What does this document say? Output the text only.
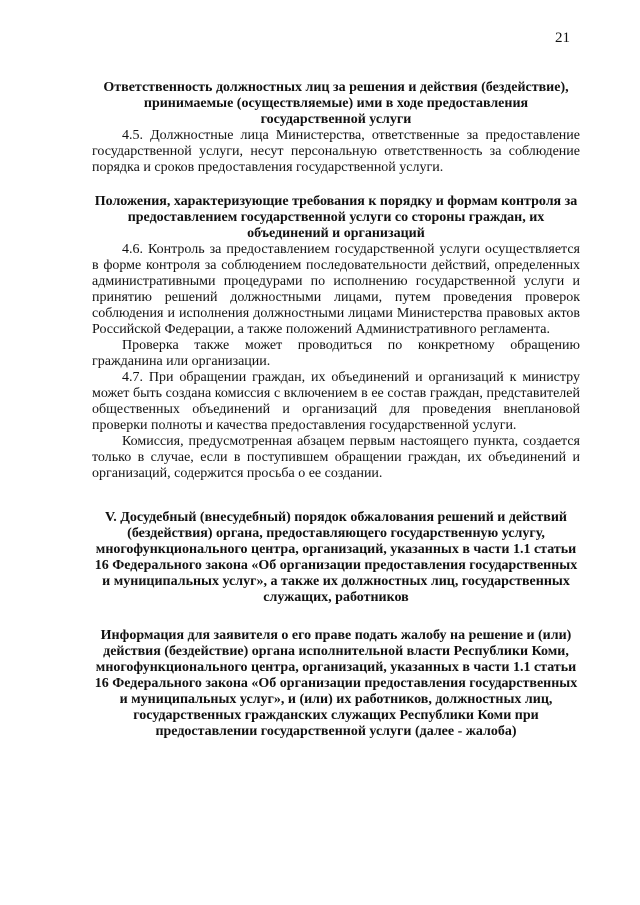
21

Ответственность должностных лиц за решения и действия (бездействие), принимаемые (осуществляемые) ими в ходе предоставления государственной услуги

4.5. Должностные лица Министерства, ответственные за предоставление государственной услуги, несут персональную ответственность за соблюдение порядка и сроков предоставления государственной услуги.

Положения, характеризующие требования к порядку и формам контроля за предоставлением государственной услуги со стороны граждан, их объединений и организаций

4.6. Контроль за предоставлением государственной услуги осуществляется в форме контроля за соблюдением последовательности действий, определенных административными процедурами по исполнению государственной услуги и принятию решений должностными лицами, путем проведения проверок соблюдения и исполнения должностными лицами Министерства правовых актов Российской Федерации, а также положений Административного регламента.

Проверка также может проводиться по конкретному обращению гражданина или организации.

4.7. При обращении граждан, их объединений и организаций к министру может быть создана комиссия с включением в ее состав граждан, представителей общественных объединений и организаций для проведения внеплановой проверки полноты и качества предоставления государственной услуги.

Комиссия, предусмотренная абзацем первым настоящего пункта, создается только в случае, если в поступившем обращении граждан, их объединений и организаций, содержится просьба о ее создании.

V. Досудебный (внесудебный) порядок обжалования решений и действий (бездействия) органа, предоставляющего государственную услугу, многофункционального центра, организаций, указанных в части 1.1 статьи 16 Федерального закона «Об организации предоставления государственных и муниципальных услуг», а также их должностных лиц, государственных служащих, работников

Информация для заявителя о его праве подать жалобу на решение и (или) действия (бездействие) органа исполнительной власти Республики Коми, многофункционального центра, организаций, указанных в части 1.1 статьи 16 Федерального закона «Об организации предоставления государственных и муниципальных услуг», и (или) их работников, должностных лиц, государственных гражданских служащих Республики Коми при предоставлении государственной услуги (далее - жалоба)
